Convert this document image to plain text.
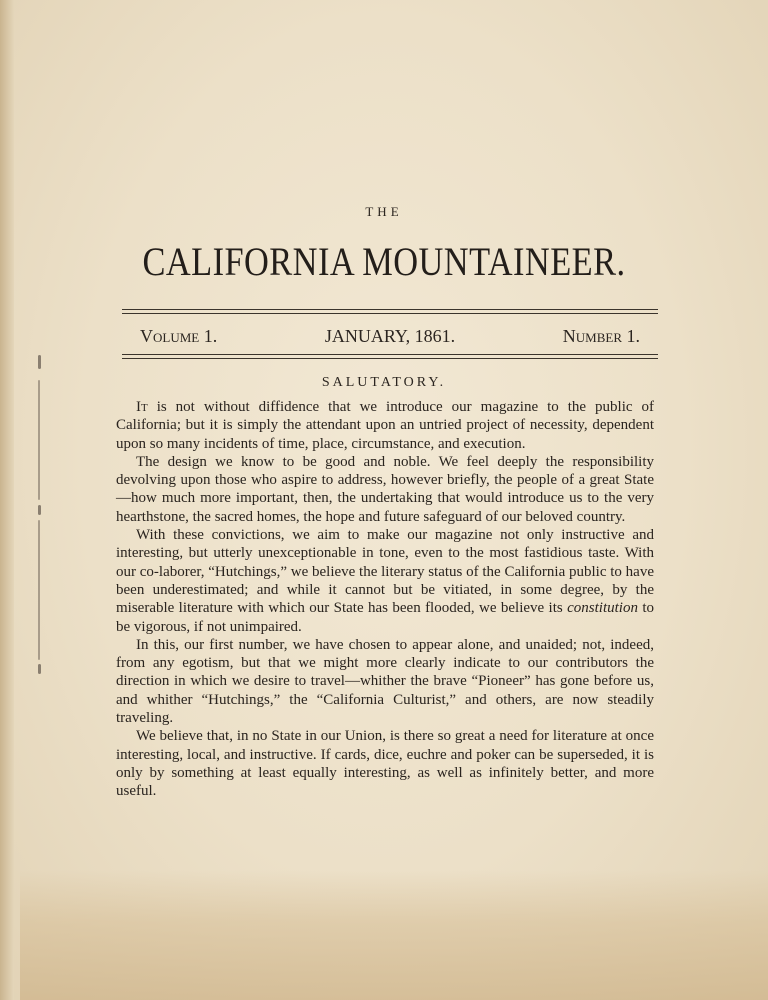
THE
CALIFORNIA MOUNTAINEER.
Volume 1.	JANUARY, 1861.	Number 1.
SALUTATORY.

It is not without diffidence that we introduce our magazine to the public of California; but it is simply the attendant upon an untried project of necessity, dependent upon so many incidents of time, place, circumstance, and execution.

The design we know to be good and noble. We feel deeply the responsibility devolving upon those who aspire to address, however briefly, the people of a great State—how much more important, then, the undertaking that would introduce us to the very hearthstone, the sacred homes, the hope and future safeguard of our beloved country.

With these convictions, we aim to make our magazine not only instructive and interesting, but utterly unexceptionable in tone, even to the most fastidious taste. With our co-laborer, “Hutchings,” we believe the literary status of the California public to have been underestimated; and while it cannot but be vitiated, in some degree, by the miserable literature with which our State has been flooded, we believe its constitution to be vigorous, if not unimpaired.

In this, our first number, we have chosen to appear alone, and unaided; not, indeed, from any egotism, but that we might more clearly indicate to our contributors the direction in which we desire to travel—whither the brave “Pioneer” has gone before us, and whither “Hutchings,” the “California Culturist,” and others, are now steadily traveling.

We believe that, in no State in our Union, is there so great a need for literature at once interesting, local, and instructive. If cards, dice, euchre and poker can be superseded, it is only by something at least equally interesting, as well as infinitely better, and more useful.
